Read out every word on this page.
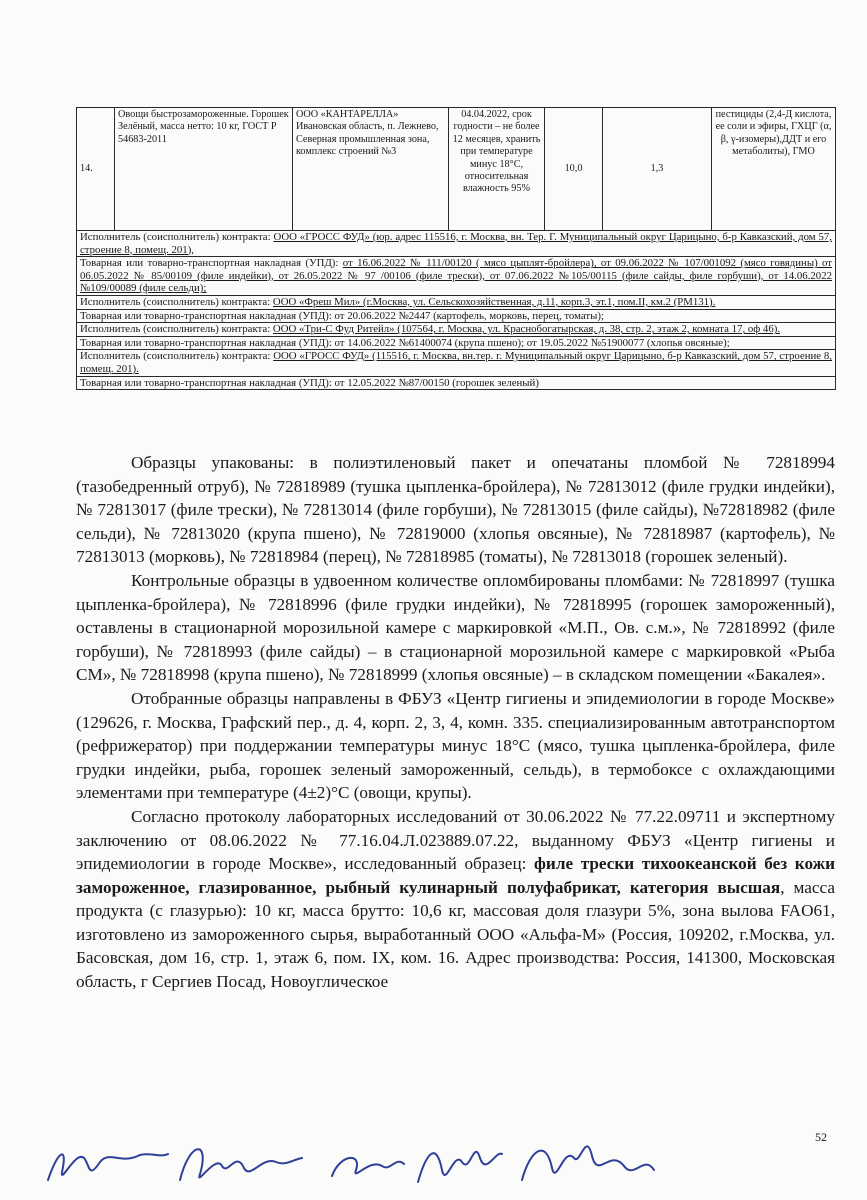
14.	Овощи быстрозамороженные. Горошек Зелёный, масса нетто: 10 кг, ГОСТ Р 54683-2011	ООО «КАНТАРЕЛЛА» Ивановская область, п. Лежнево, Северная промышленная зона, комплекс строений №3	04.04.2022, срок годности – не более 12 месяцев, хранить при температуре минус 18°С, относительная влажность 95%	10,0	1,3	пестициды (2,4-Д кислота, ее соли и эфиры, ГХЦГ (α, β, γ-изомеры),ДДТ и его метаболиты), ГМО
Исполнитель (соисполнитель) контракта: ООО «ГРОСС ФУД» (юр. адрес 115516, г. Москва, вн. Тер. Г. Муниципальный округ Царицыно, б-р Кавказский, дом 57, строение 8, помещ. 201),
Товарная или товарно-транспортная накладная (УПД): от 16.06.2022 № 111/00120 ( мясо цыплят-бройлера), от 09.06.2022 № 107/001092 (мясо говядины) от 06.05.2022 № 85/00109 (филе индейки), от 26.05.2022 № 97 /00106 (филе трески), от 07.06.2022 №105/00115 (филе сайды, филе горбуши), от 14.06.2022 №109/00089 (филе сельди);
Исполнитель (соисполнитель) контракта: ООО «Фреш Мил» (г.Москва, ул. Сельскохозяйственная, д.11, корп.3, эт.1, пом.II, км.2 (РМ131).
Товарная или товарно-транспортная накладная (УПД): от 20.06.2022 №2447 (картофель, морковь, перец, томаты);
Исполнитель (соисполнитель) контракта: ООО «Три-С Фуд Ритейл» (107564, г. Москва, ул. Краснобогатырская, д. 38, стр. 2, этаж 2, комната 17, оф 46).
Товарная или товарно-транспортная накладная (УПД): от 14.06.2022 №61400074 (крупа пшено); от 19.05.2022 №51900077 (хлопья овсяные);
Исполнитель (соисполнитель) контракта: ООО «ГРОСС ФУД» (115516, г. Москва, вн.тер. г. Муниципальный округ Царицыно, б-р Кавказский, дом 57, строение 8, помещ. 201).
Товарная или товарно-транспортная накладная (УПД): от 12.05.2022 №87/00150 (горошек зеленый)

Образцы упакованы: в полиэтиленовый пакет и опечатаны пломбой № 72818994 (тазобедренный отруб), № 72818989 (тушка цыпленка-бройлера), № 72813012 (филе грудки индейки), № 72813017 (филе трески), № 72813014 (филе горбуши), № 72813015 (филе сайды), №72818982 (филе сельди), № 72813020 (крупа пшено), № 72819000 (хлопья овсяные), № 72818987 (картофель), № 72813013 (морковь), № 72818984 (перец), № 72818985 (томаты), № 72813018 (горошек зеленый).

Контрольные образцы в удвоенном количестве опломбированы пломбами: № 72818997 (тушка цыпленка-бройлера), № 72818996 (филе грудки индейки), № 72818995 (горошек замороженный), оставлены в стационарной морозильной камере с маркировкой «М.П., Ов. с.м.», № 72818992 (филе горбуши), № 72818993 (филе сайды) – в стационарной морозильной камере с маркировкой «Рыба СМ», № 72818998 (крупа пшено), № 72818999 (хлопья овсяные) – в складском помещении «Бакалея».

Отобранные образцы направлены в ФБУЗ «Центр гигиены и эпидемиологии в городе Москве» (129626, г. Москва, Графский пер., д. 4, корп. 2, 3, 4, комн. 335. специализированным автотранспортом (рефрижератор) при поддержании температуры минус 18°С (мясо, тушка цыпленка-бройлера, филе грудки индейки, рыба, горошек зеленый замороженный, сельдь), в термобоксе с охлаждающими элементами при температуре (4±2)°С (овощи, крупы).

Согласно протоколу лабораторных исследований от 30.06.2022 № 77.22.09711 и экспертному заключению от 08.06.2022 № 77.16.04.Л.023889.07.22, выданному ФБУЗ «Центр гигиены и эпидемиологии в городе Москве», исследованный образец: филе трески тихоокеанской без кожи замороженное, глазированное, рыбный кулинарный полуфабрикат, категория высшая, масса продукта (с глазурью): 10 кг, масса брутто: 10,6 кг, массовая доля глазури 5%, зона вылова FAO61, изготовлено из замороженного сырья, выработанный ООО «Альфа-М» (Россия, 109202, г.Москва, ул. Басовская, дом 16, стр. 1, этаж 6, пом. IX, ком. 16. Адрес производства: Россия, 141300, Московская область, г Сергиев Посад, Новоуглическое

52
